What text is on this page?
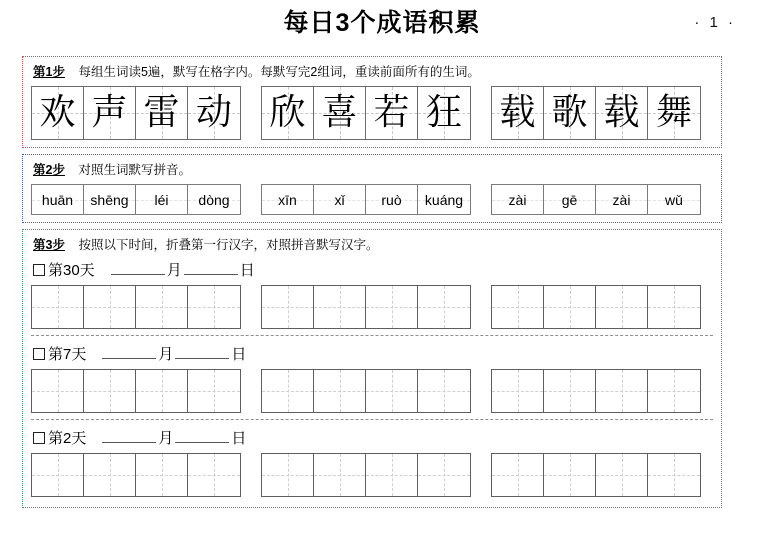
每日3个成语积累	· 1 ·
第1步 每组生词读5遍，默写在格字内。每默写完2组词，重读前面所有的生词。
欢 声 雷 动 欣 喜 若 狂 载 歌 载 舞
第2步 对照生词默写拼音。
huān shēng léi dòng	xīn	xǐ	ruò kuáng	zài	gē	zài wǔ
第3步 按照以下时间，折叠第一行汉字，对照拼音默写汉字。
第30天	月	日
第7天	月	日
第2天	月	日
